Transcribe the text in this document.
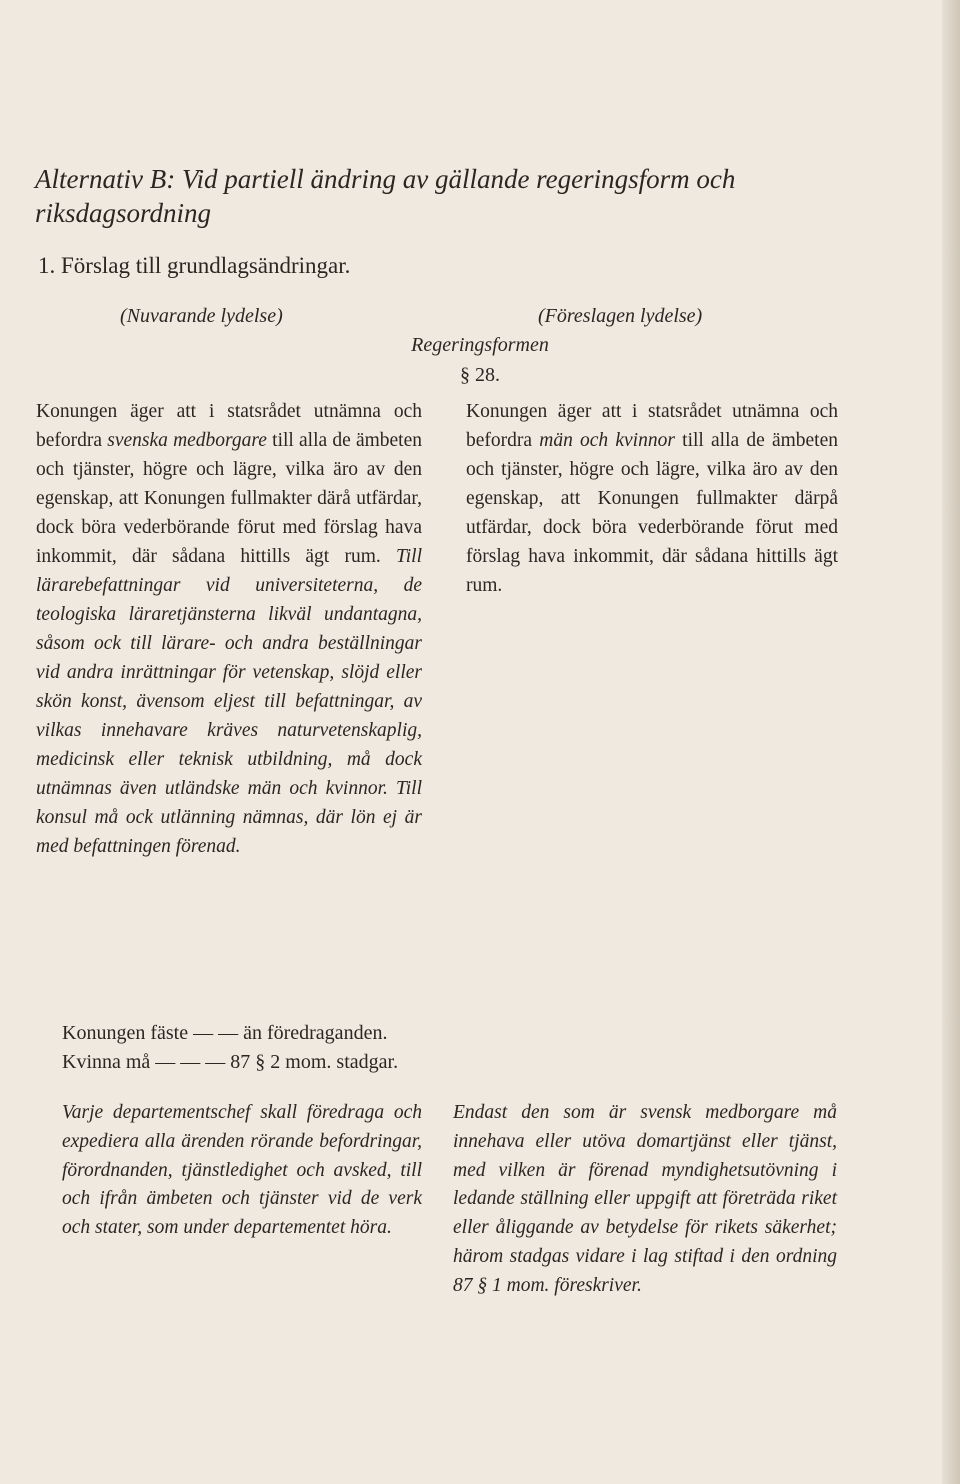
Alternativ B: Vid partiell ändring av gällande regeringsform och riksdagsordning
1. Förslag till grundlagsändringar.
(Nuvarande lydelse)	(Föreslagen lydelse)
Regeringsformen
§ 28.
Konungen äger att i statsrådet utnämna och befordra svenska medborgare till alla de ämbeten och tjänster, högre och lägre, vilka äro av den egenskap, att Konungen fullmakter därå utfärdar, dock böra vederbörande förut med förslag hava inkommit, där sådana hittills ägt rum. Till lärarebefattningar vid universiteterna, de teologiska läraretjänsterna likväl undantagna, såsom ock till lärare- och andra beställningar vid andra inrättningar för vetenskap, slöjd eller skön konst, ävensom eljest till befattningar, av vilkas innehavare kräves naturvetenskaplig, medicinsk eller teknisk utbildning, må dock utnämnas även utländske män och kvinnor. Till konsul må ock utlänning nämnas, där lön ej är med befattningen förenad.
Konungen äger att i statsrådet utnämna och befordra män och kvinnor till alla de ämbeten och tjänster, högre och lägre, vilka äro av den egenskap, att Konungen fullmakter därpå utfärdar, dock böra vederbörande förut med förslag hava inkommit, där sådana hittills ägt rum.
Konungen fäste — — än föredraganden.
Kvinna må — — — 87 § 2 mom. stadgar.
Varje departementschef skall föredraga och expediera alla ärenden rörande befordringar, förordnanden, tjänstledighet och avsked, till och ifrån ämbeten och tjänster vid de verk och stater, som under departementet höra.
Endast den som är svensk medborgare må innehava eller utöva domartjänst eller tjänst, med vilken är förenad myndighetsutövning i ledande ställning eller uppgift att företräda riket eller åliggande av betydelse för rikets säkerhet; härom stadgas vidare i lag stiftad i den ordning 87 § 1 mom. föreskriver.
